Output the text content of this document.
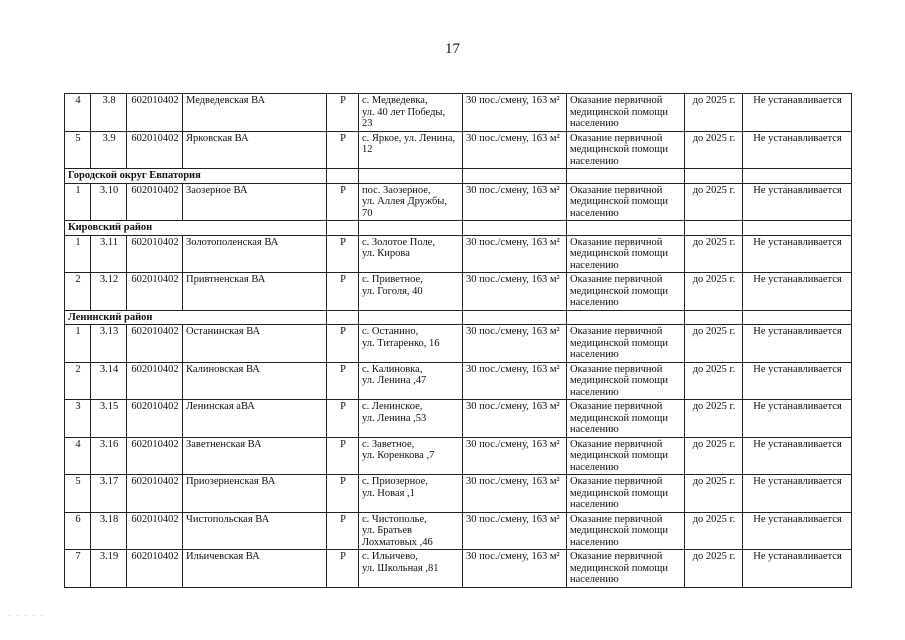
17
4	3.8	602010402	Медведевская ВА	Р	с. Медведевка,
ул. 40 лет Победы,
23	30 пос./смену, 163 м²	Оказание первичной
медицинской помощи
населению	до 2025 г.	Не устанавливается
5	3.9	602010402	Ярковская ВА	Р	с. Яркое, ул. Ленина,
12	30 пос./смену, 163 м²	Оказание первичной
медицинской помощи
населению	до 2025 г.	Не устанавливается
Городской округ Евпатория									
1	3.10	602010402	Заозерное ВА	Р	пос. Заозерное,
ул. Аллея Дружбы,
70	30 пос./смену, 163 м²	Оказание первичной
медицинской помощи
населению	до 2025 г.	Не устанавливается
Кировский район									
1	3.11	602010402	Золотополенская ВА	Р	с. Золотое Поле,
ул. Кирова	30 пос./смену, 163 м²	Оказание первичной
медицинской помощи
населению	до 2025 г.	Не устанавливается
2	3.12	602010402	Привтненская ВА	Р	с. Приветное,
ул. Гоголя, 40	30 пос./смену, 163 м²	Оказание первичной
медицинской помощи
населению	до 2025 г.	Не устанавливается
Ленинский район									
1	3.13	602010402	Останинская ВА	Р	с. Останино,
ул. Титаренко, 16	30 пос./смену, 163 м²	Оказание первичной
медицинской помощи
населению	до 2025 г.	Не устанавливается
2	3.14	602010402	Калиновская ВА	Р	с. Калиновка,
ул. Ленина ,47	30 пос./смену, 163 м²	Оказание первичной
медицинской помощи
населению	до 2025 г.	Не устанавливается
3	3.15	602010402	Ленинская аВА	Р	с. Ленинское,
ул. Ленина ,53	30 пос./смену, 163 м²	Оказание первичной
медицинской помощи
населению	до 2025 г.	Не устанавливается
4	3.16	602010402	Заветненская ВА	Р	с. Заветное,
ул. Коренкова ,7	30 пос./смену, 163 м²	Оказание первичной
медицинской помощи
населению	до 2025 г.	Не устанавливается
5	3.17	602010402	Приозерненская ВА	Р	с. Приозерное,
ул. Новая ,1	30 пос./смену, 163 м²	Оказание первичной
медицинской помощи
населению	до 2025 г.	Не устанавливается
6	3.18	602010402	Чистопольская ВА	Р	с. Чистополье,
ул. Братьев
Лохматовых ,46	30 пос./смену, 163 м²	Оказание первичной
медицинской помощи
населению	до 2025 г.	Не устанавливается
7	3.19	602010402	Ильичевская ВА	Р	с. Ильичево,
ул. Школьная ,81	30 пос./смену, 163 м²	Оказание первичной
медицинской помощи
населению	до 2025 г.	Не устанавливается
· · · · ·
